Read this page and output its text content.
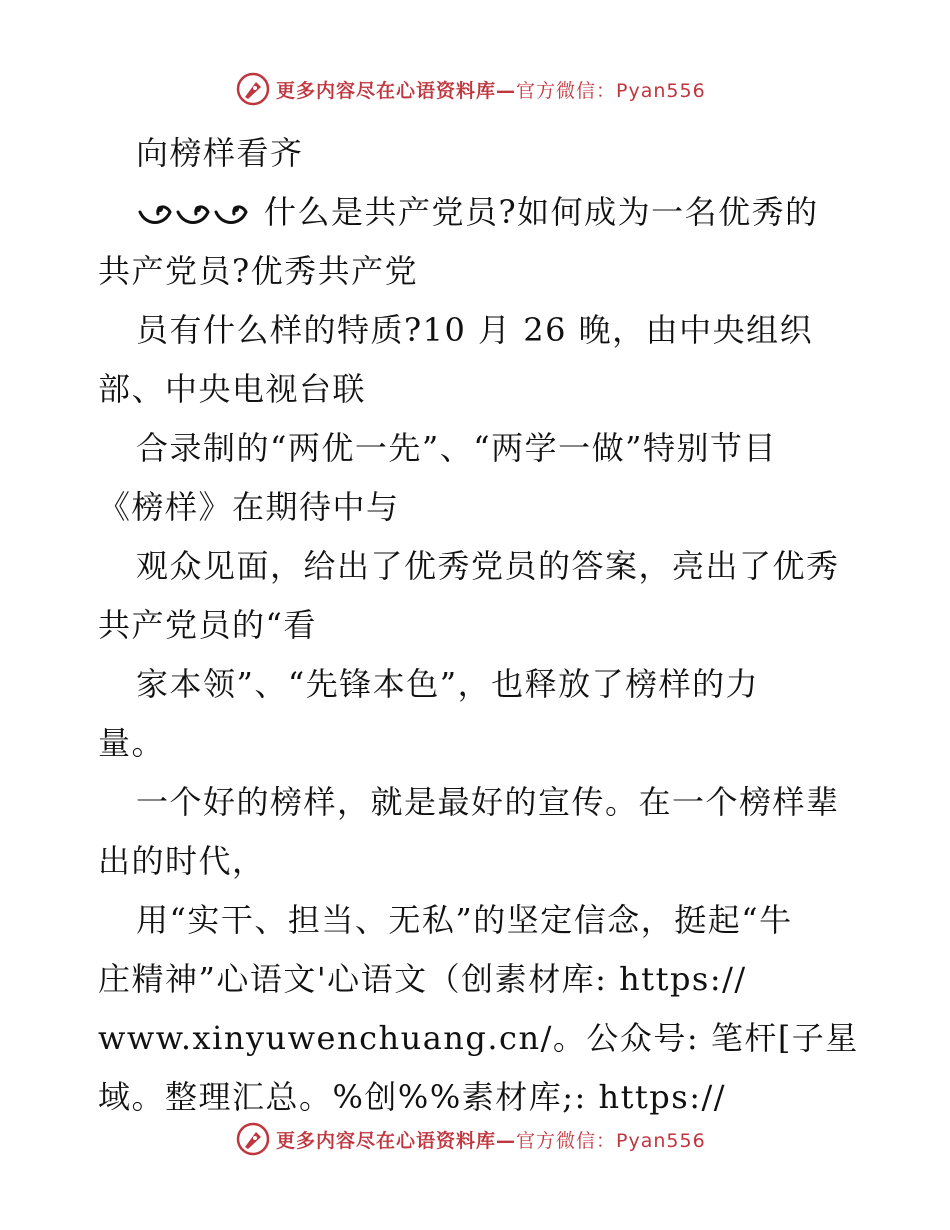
更多内容尽在心语资料库— 官方微信：Pyan556
向榜样看齐
什么是共产党员?如何成为一名优秀的
共产党员?优秀共产党
员有什么样的特质?10 月 26 晚，由中央组织
部、中央电视台联
合录制的“两优一先”、“两学一做”特别节目
《榜样》在期待中与
观众见面，给出了优秀党员的答案，亮出了优秀
共产党员的“看
家本领”、“先锋本色”，也释放了榜样的力
量。
一个好的榜样，就是最好的宣传。在一个榜样辈
出的时代，
用“实干、担当、无私”的坚定信念，挺起“牛
庄精神”心语文'心语文（创素材库: https://
www.xinyuwenchuang.cn/。公众号: 笔杆[子星
域。整理汇总。%创%%素材库;: https://
更多内容尽在心语资料库— 官方微信：Pyan556
